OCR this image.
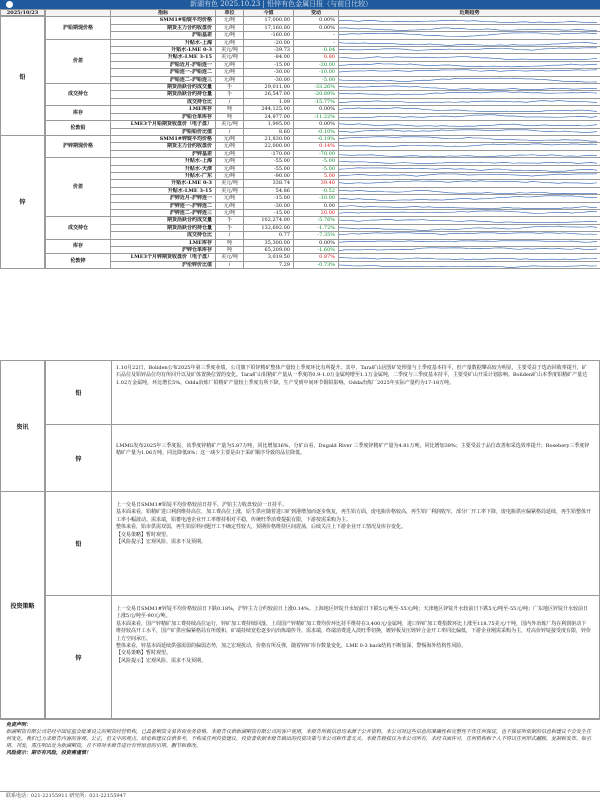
新湖有色 2025.10.23 | 铅锌有色金属日报（与前日比较）
2025/10/23
		指标	单位	今值	变动	近期趋势
沪铅期现价格	SMM1#铅锭平均价格	元/吨	17,000.00	0.00%	

	期货主力合约收盘价	元/吨	17,160.00	0.00%	

	沪铅基差	元/吨	-160.00	-	

价差	升贴水-上海	元/吨	-20.00	-	

	升贴水-LME 0-3	美元/吨	-39.73	-0.04	

	升贴水-LME 3-15	美元/吨	-84.00	0.80	

	沪铅近月-沪铅连一	元/吨	-15.00	-20.00	

	沪铅连一-沪铅连二	元/吨	-30.00	-10.00	

	沪铅连二-沪铅连三	元/吨	-30.00	-5.00	

成交持仓	期货活跃合约成交量	手	29,011.00	-33.26%	

	期货活跃合约持仓量	手	26,547.00	-20.89%	

	成交持仓比	/	1.09	-15.77%	

库存	LME库存	吨	244,125.00	0.00%	

	沪铅仓单库存	吨	24,977.00	-11.22%	

伦敦铅	LME3个月铅期货收盘价（电子盘）	美元/吨	1,995.00	0.00%	

	沪铅铅价比值	/	8.60	-0.10%	

沪锌期现价格	SMM1#锌锭平均价格	元/吨	21,830.00	-0.19%	

	期货主力合约收盘价	元/吨	22,000.00	0.14%	

	沪锌基差	元/吨	-170.00	-70.00	

价差	升贴水-上海	元/吨	-55.00	-5.00	

	升贴水-天津	元/吨	-55.00	-5.00	

	升贴水-广东	元/吨	-90.00	5.00	

	升贴水-LME 0-3	美元/吨	338.74	39.40	

	升贴水-LME 3-15	美元/吨	54.86	-0.52	

	沪锌近月-沪锌连一	元/吨	-15.00	-10.00	

	沪锌连一-沪锌连二	元/吨	-30.00	0.00	

	沪锌连二-沪锌连三	元/吨	-15.00	20.00	

成交持仓	期货活跃合约成交量	手	102,274.00	-5.76%	

	期货活跃合约持仓量	手	132,692.00	-1.72%	

	成交持仓比	/	0.77	-7.35%	

库存	LME库存	吨	35,300.00	0.00%	

	沪锌仓单库存	吨	65,209.00	-1.60%	

伦敦锌	LME3个月锌期货收盘价（电子盘）	美元/吨	3,019.50	0.87%	

	沪伦锌价比值	/	7.29	-0.73%	
铅
锌
资讯
铅

1.10月22日，Boliden公布2025年第三季度业绩。公司旗下铅锌精矿整体产量较上季度环比有所提升。其中，Tara矿山因罢矿处理量与上季度基本持平，但产量数据攀高较为明显，主要受益于选冶回收率提升，矿石品位及铅锌品位均有所回升以及矿体置换位置的变化。Tara矿山铅精矿产量从一季度的0.9-1.0万金属吨增至1.1万金属吨，二季度与三季度基本持平，主要受矿山开采计划影响。Boliden矿山本季度铅精矿产量达1.02万金属吨，环比增长5%。Odda冶炼厂铅精矿产量较上季度有所下降，生产受到中间环节铜铅影响。Odda冶炼厂2025年实际产量约为17-18万吨。

锌

LMMG发布2025年三季度报，该季度锌精矿产量为5.87万吨，同比增加36%，分矿山看，Dugald River 三季度锌精矿产量为4.81万吨，同比增加38%；主要受益于品位改善和采选效率提升；Rosebery三季度锌精矿产量为1.06万吨，同比降低8%；这一减少主要是由于采矿顺序导致的品位降低。

投资策略
铅

上一交易日SMM1#铅锭平均价格较前日持平，沪铅主力收盘较前一日持平。

基本面来看，铅精矿进口利润维持高位，加工费高位上涨，原生供应随着进口矿到港增加而逐步恢复，再生铅方面，废电瓶价格较高，再生铅厂利润收窄，部分厂开工率下降，废电瓶供应偏紧格局延续，再生铅整体开工率小幅波动。需求端，铅蓄电池企业开工率维持相对平稳，传统旺季消费提振有限，下游按需采购为主。

整体来看，铅市供需双弱，再生铅原料问题开工不确定性较大，预期价格维持区间震荡，后续关注上下游企业开工情况及库存变化。

【交易策略】暂时观望。

【风险提示】宏观风险、需求不及预期。

锌

上一交易日SMM1#锌锭平均价格较前日下跌0.18%，沪锌主力合约较前日上涨0.14%。上海地区锌锭升水较前日下跌5元/吨至-55元/吨；天津地区锌锭升水较前日下跌5元/吨至-55元/吨；广东地区锌锭升水较前日上涨5元/吨至-90元/吨。

基本面来看，国产锌精矿加工费持续高位运行，锌矿加工费持续回落，上周国产锌精矿加工费均价环比持平维持在3,400元/金属吨，进口锌矿加工费指数环比上涨至118.75美元/干吨，国内外冶炼厂均在利润驱动下维持较高开工水平，国产矿供应偏紧格局有所缓和，矿端持续宽松逐步向冶炼端传导。需求端，终端消费进入淡旺季切换，镀锌板及压铸锌合金开工率同比偏低，下游企业刚需采购为主，对高价锌锭接受度有限，锌价上方空间承压。

整体来看，锌基本面延续供强需弱的偏弱态势，加之宏观扰动，价格有所反弹，随着锌矿库存数量变化，LME 0-3 back结构不断加深，警惕海外结构性风险。

【交易策略】暂时观望。

【风险提示】宏观风险、需求不及预期。

免责声明：
新湖期货有限公司是经中国证监会批准设立的期货经营机构，已具备期货交易咨询业务资格。本报告仅供新湖期货有限公司的客户使用，本报告所载信息均来源于公开资料，本公司对这些信息的准确性和完整性不作任何保证，也不保证所依据的信息和建议不会发生任何变化。我们已力求报告内容的客观、公正，但文中的观点、结论和建议仅供参考，不构成任何投资建议，投资者依据本报告做出的投资决策与本公司和作者无关。本报告版权仅为本公司所有，未经书面许可，任何机构和个人不得以任何形式翻版、复制和发布。如引用、刊发，需注明出处为新湖期货，且不得对本报告进行有悖原意的引用、删节和修改。
风险提示：期市有风险，投资需谨慎！
联系电话：021-22155911 研究所：021-22155947
